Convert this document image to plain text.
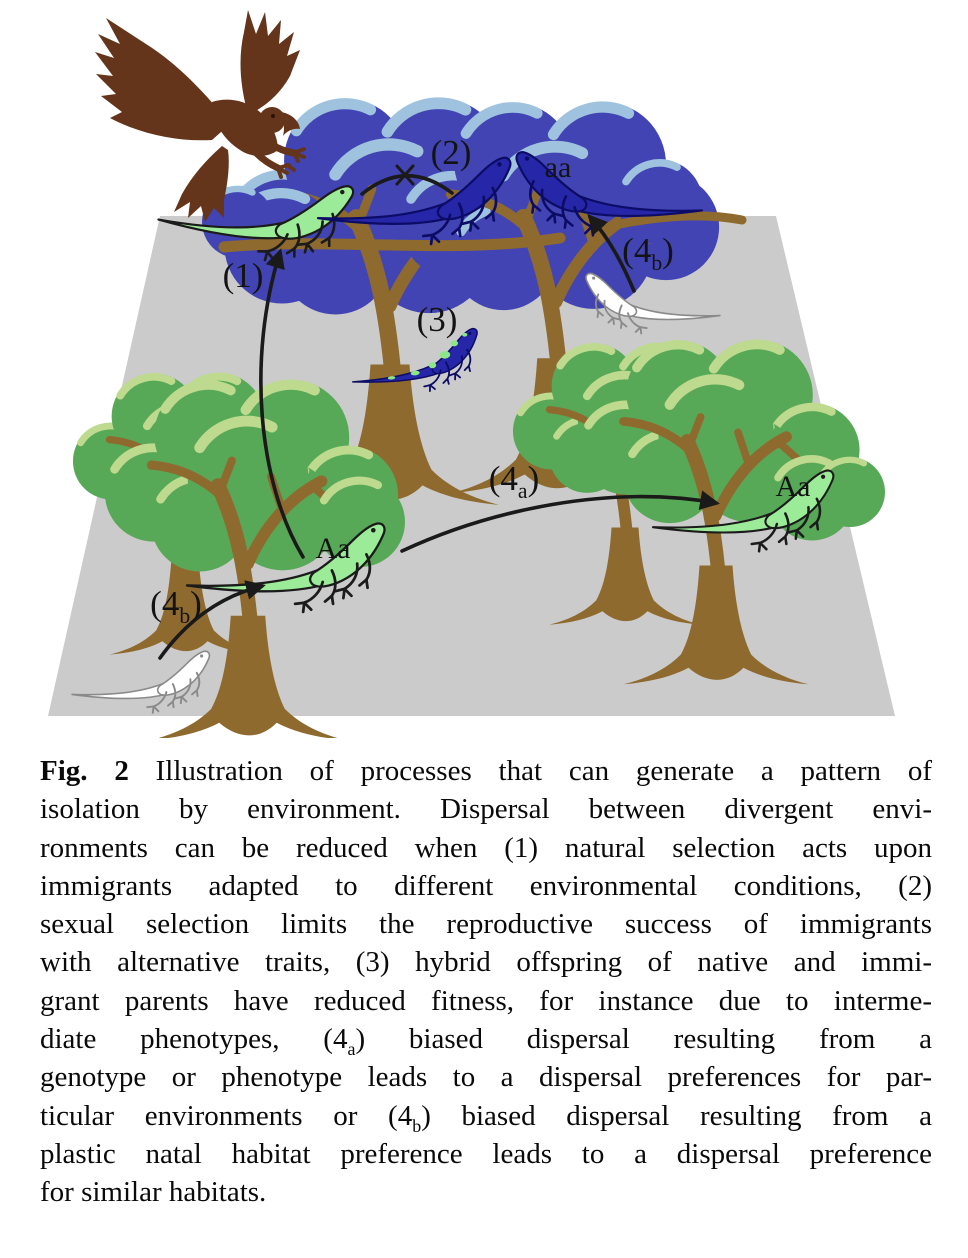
(1)
(2)
(3)
$(4_a)$
$(4_b)$
$(4_b)$
aa
Aa
Aa
Fig. 2 Illustration of processes that can generate a pattern of
isolation by environment. Dispersal between divergent envi-
ronments can be reduced when (1) natural selection acts upon
immigrants adapted to different environmental conditions, (2)
sexual selection limits the reproductive success of immigrants
with alternative traits, (3) hybrid offspring of native and immi-
grant parents have reduced fitness, for instance due to interme-
diate phenotypes, $(4_a)$ biased dispersal resulting from a
genotype or phenotype leads to a dispersal preferences for par-
ticular environments or $(4_b)$ biased dispersal resulting from a
plastic natal habitat preference leads to a dispersal preference
for similar habitats.
